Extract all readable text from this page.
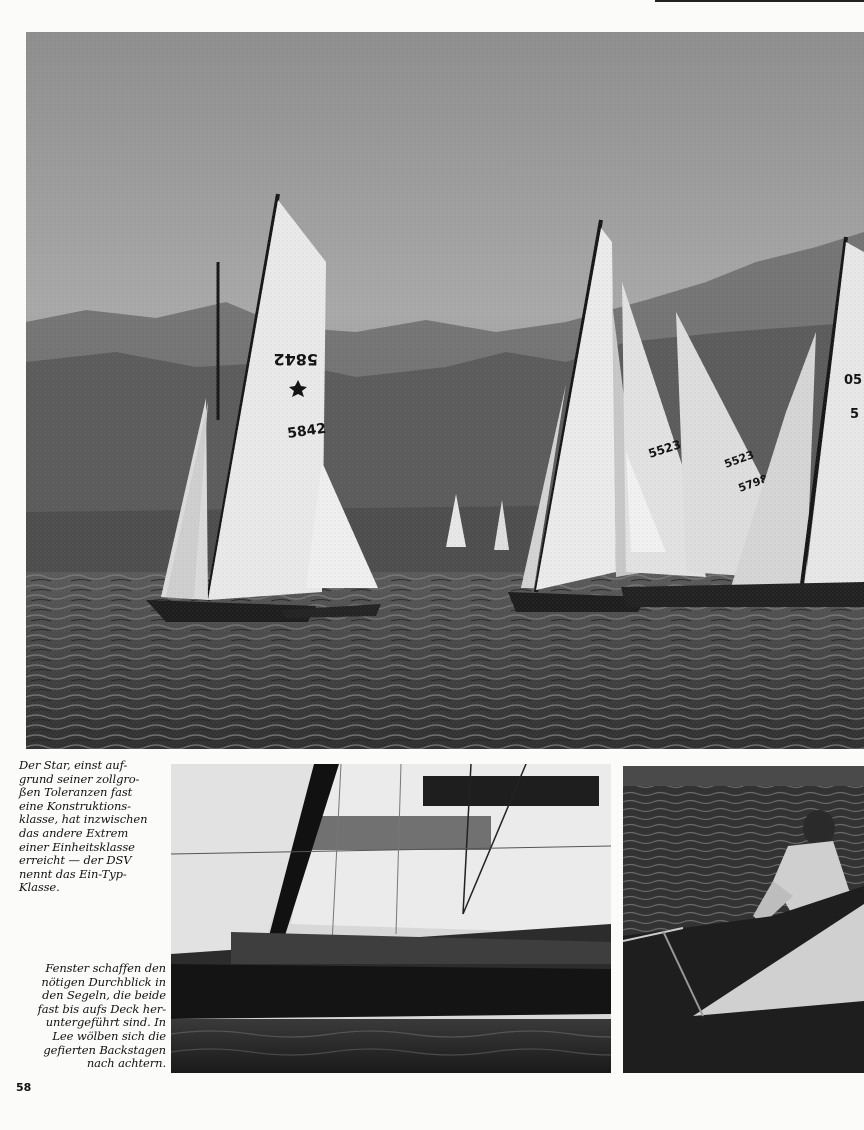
Der Star, einst auf-
grund seiner zollgro-
ßen Toleranzen fast
eine Konstruktions-
klasse, hat inzwischen
das andere Extrem
einer Einheitsklasse
erreicht — der DSV
nennt das Ein-Typ-
Klasse.

Fenster schaffen den
nötigen Durchblick in
den Segeln, die beide
fast bis aufs Deck her-
untergeführt sind. In
Lee wölben sich die
gefierten Backstagen
nach achtern.

58
